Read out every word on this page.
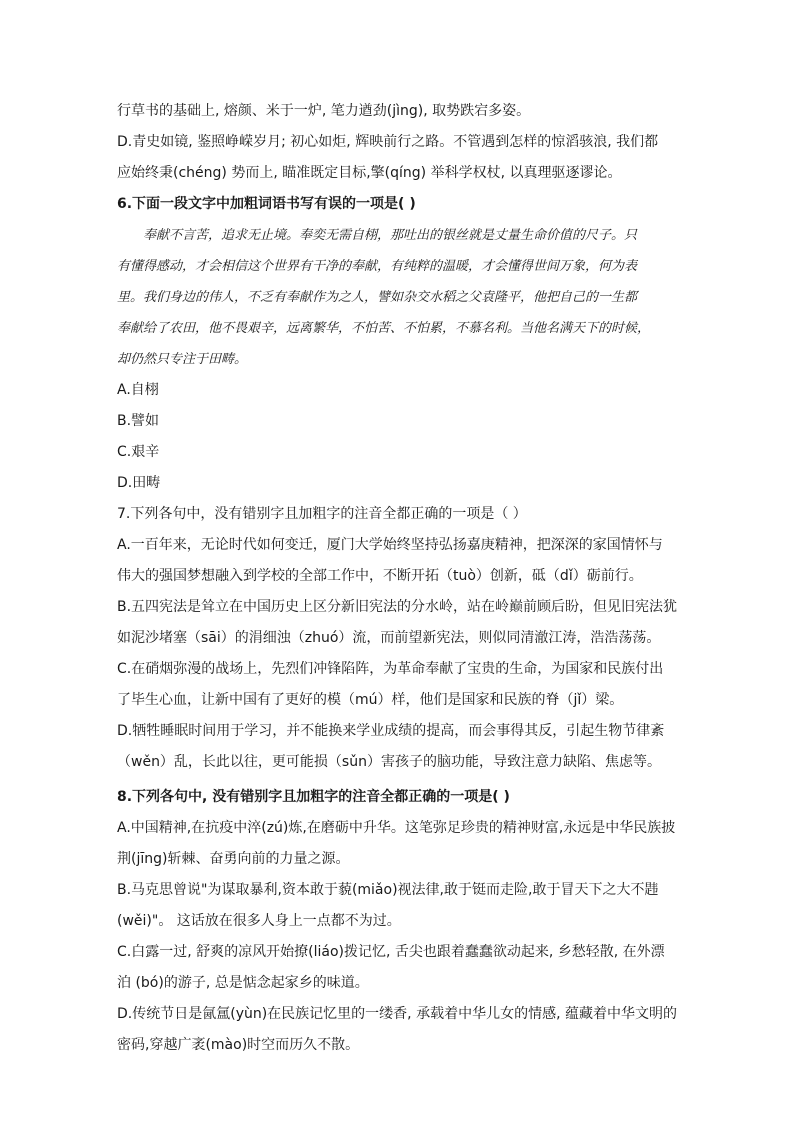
行草书的基础上, 熔颜、米于一炉, 笔力遒劲(jìng), 取势跌宕多姿。
D.青史如镜, 鉴照峥嵘岁月; 初心如炬, 辉映前行之路。不管遇到怎样的惊滔骇浪, 我们都
应始终秉(chéng) 势而上, 瞄准既定目标,擎(qíng) 举科学权杖, 以真理驱逐谬论。
6.下面一段文字中加粗词语书写有误的一项是( )
奉献不言苦，追求无止境。奉奕无需自栩，那吐出的银丝就是丈量生命价值的尺子。只
有懂得感动，才会相信这个世界有干净的奉献，有纯粹的温暖，才会懂得世间万象，何为表
里。我们身边的伟人，不乏有奉献作为之人，譬如杂交水稻之父袁隆平，他把自己的一生都
奉献给了农田，他不畏艰辛，远离繁华，不怕苦、不怕累，不慕名利。当他名满天下的时候，
却仍然只专注于田畴。
A.自栩
B.譬如
C.艰辛
D.田畴
7.下列各句中，没有错别字且加粗字的注音全都正确的一项是（ ）
A.一百年来，无论时代如何变迁，厦门大学始终坚持弘扬嘉庚精神，把深深的家国情怀与
伟大的强国梦想融入到学校的全部工作中，不断开拓（tuò）创新，砥（dǐ）砺前行。
B.五四宪法是耸立在中国历史上区分新旧宪法的分水岭，站在岭巅前顾后盼，但见旧宪法犹
如泥沙堵塞（sāi）的涓细浊（zhuó）流，而前望新宪法，则似同清澈江涛，浩浩荡荡。
C.在硝烟弥漫的战场上，先烈们冲锋陷阵，为革命奉献了宝贵的生命，为国家和民族付出
了毕生心血，让新中国有了更好的模（mú）样，他们是国家和民族的脊（jǐ）梁。
D.牺牲睡眠时间用于学习，并不能换来学业成绩的提高，而会事得其反，引起生物节律紊
（wěn）乱，长此以往，更可能损（sǔn）害孩子的脑功能，导致注意力缺陷、焦虑等。
8.下列各句中, 没有错别字且加粗字的注音全都正确的一项是( )
A.中国精神,在抗疫中淬(zú)炼,在磨砺中升华。这笔弥足珍贵的精神财富,永远是中华民族披
荆(jīng)斩棘、奋勇向前的力量之源。
B.马克思曾说"为谋取暴利,资本敢于藐(miǎo)视法律,敢于铤而走险,敢于冒天下之大不韪
(wěi)"。 这话放在很多人身上一点都不为过。
C.白露一过, 舒爽的凉风开始撩(liáo)拨记忆, 舌尖也跟着蠢蠢欲动起来, 乡愁轻散, 在外漂
泊 (bó)的游子, 总是惦念起家乡的味道。
D.传统节日是氤氲(yùn)在民族记忆里的一缕香, 承载着中华儿女的情感, 蕴藏着中华文明的
密码,穿越广袤(mào)时空而历久不散。
